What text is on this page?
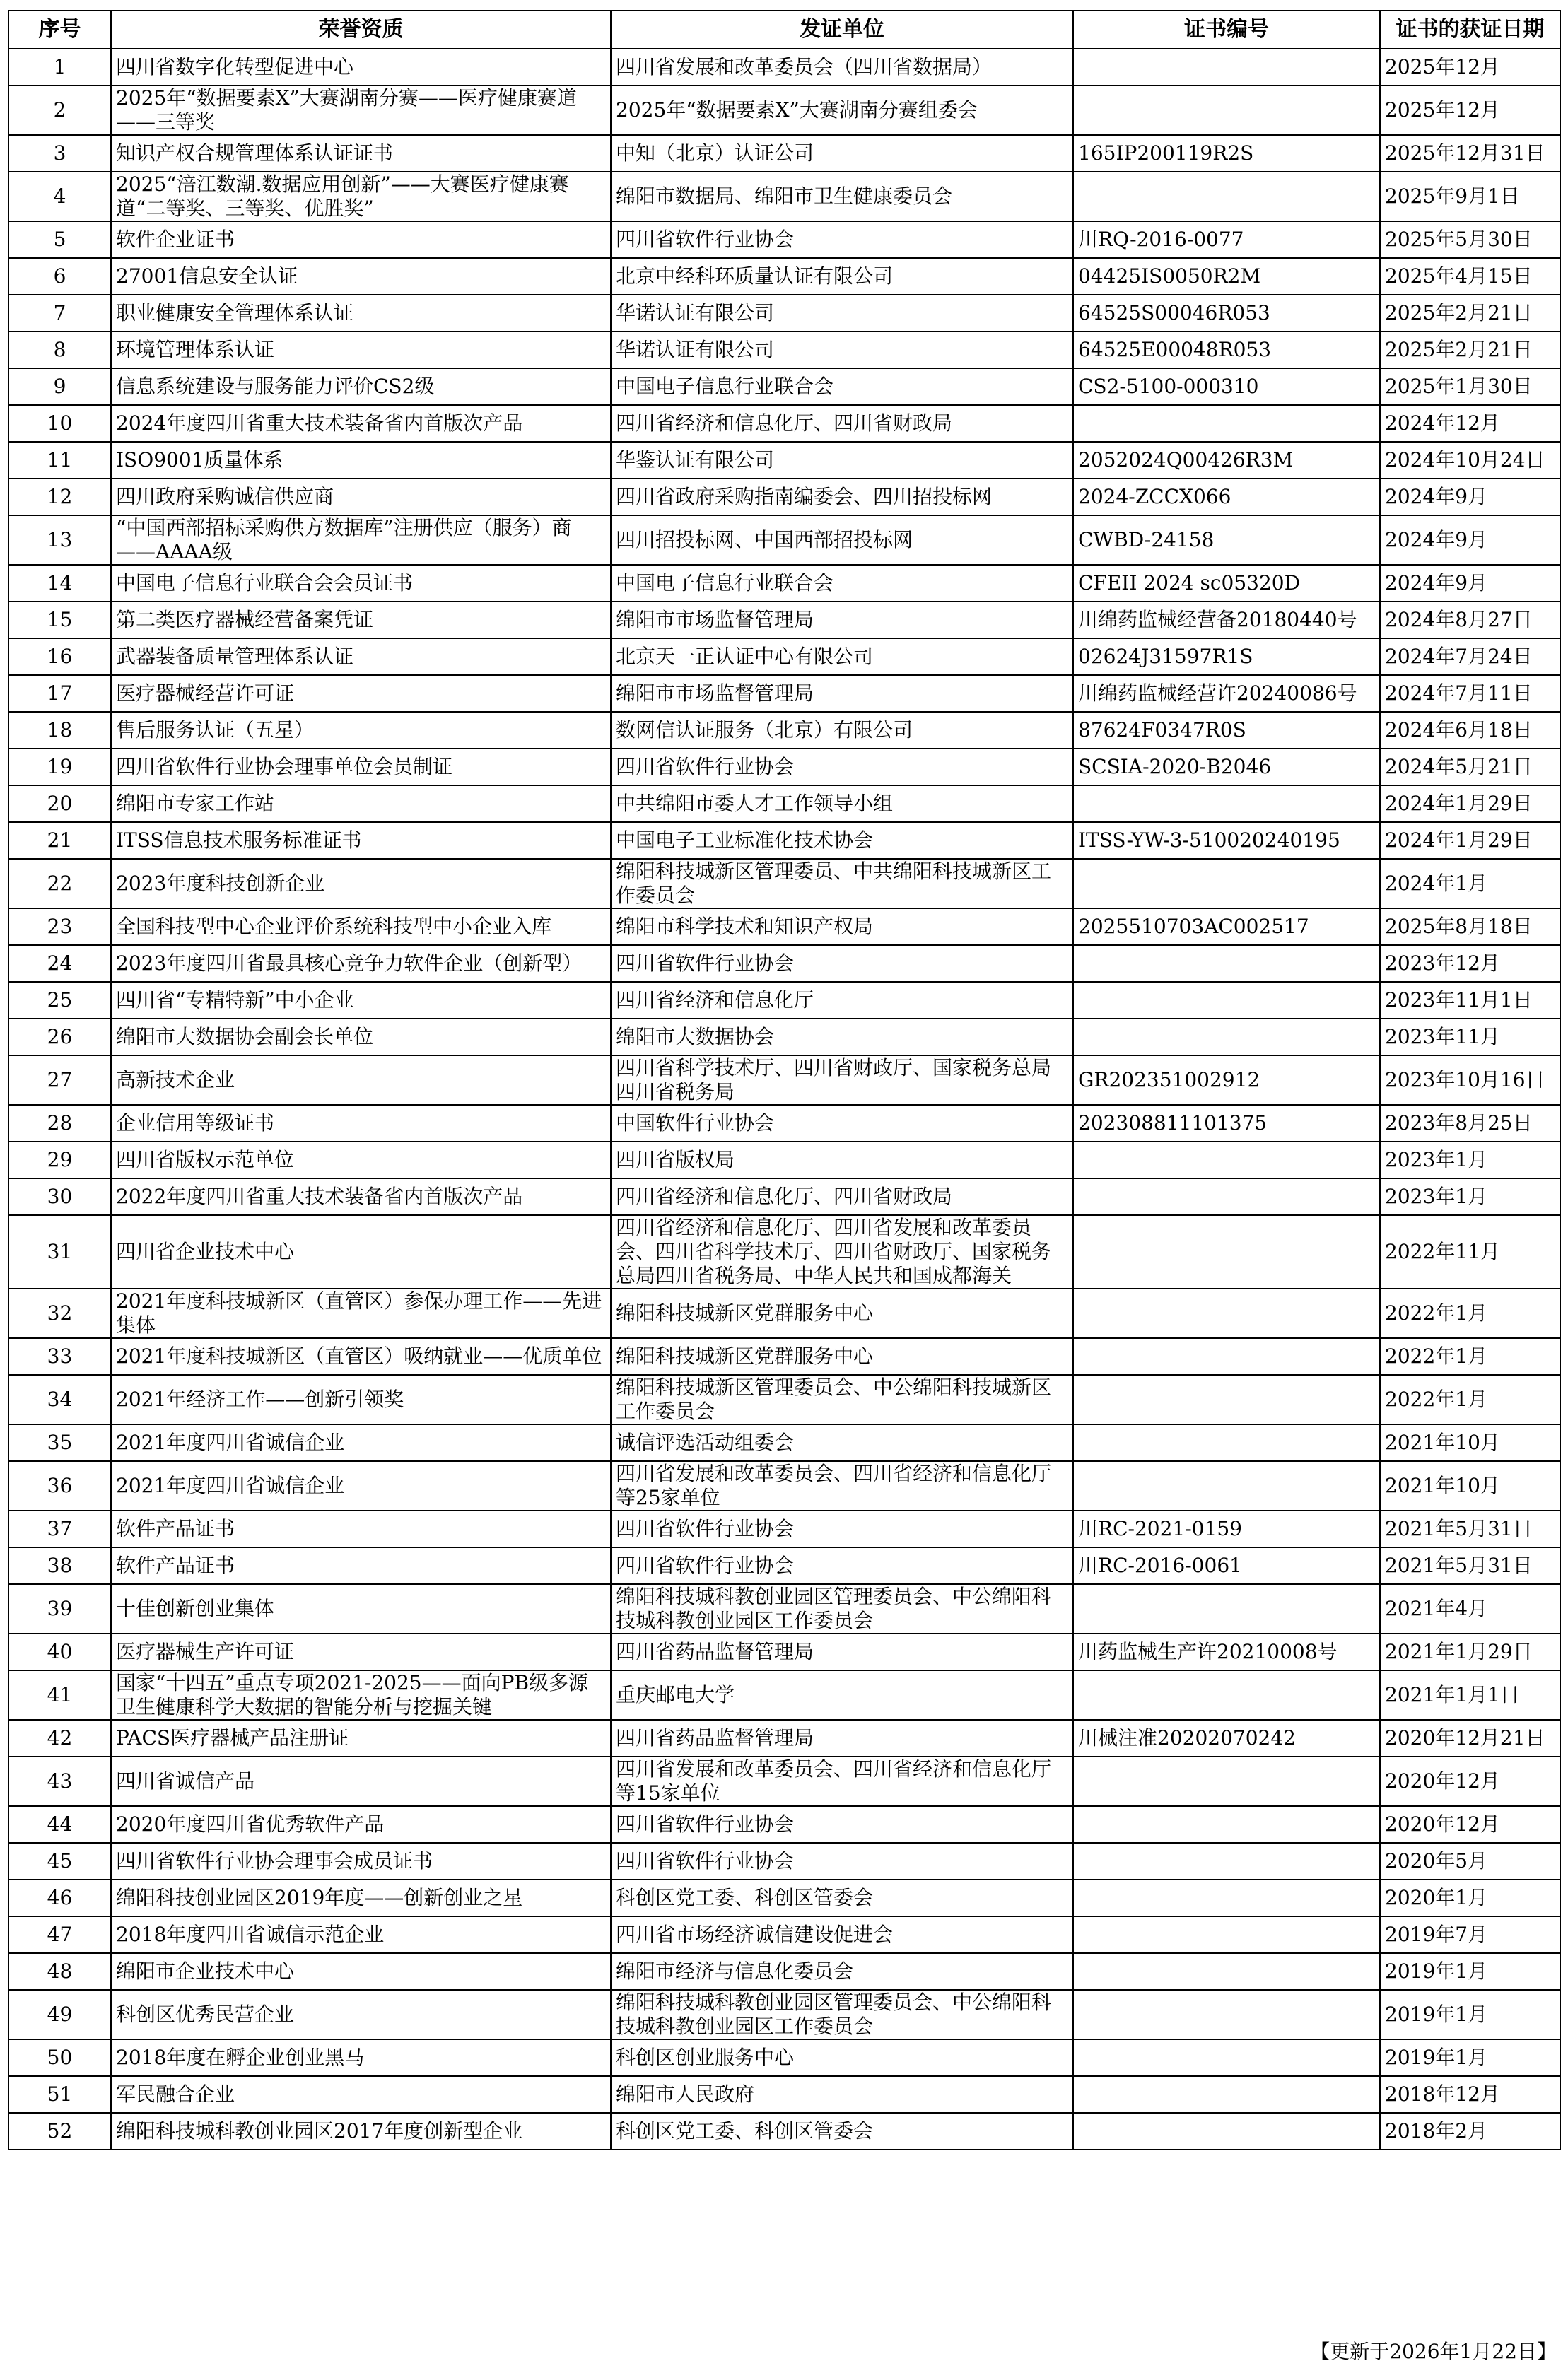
序号	荣誉资质	发证单位	证书编号	证书的获证日期
1	四川省数字化转型促进中心	四川省发展和改革委员会（四川省数据局）		2025年12月
2	2025年“数据要素X”大赛湖南分赛——医疗健康赛道——三等奖	2025年“数据要素X”大赛湖南分赛组委会		2025年12月
3	知识产权合规管理体系认证证书	中知（北京）认证公司	165IP200119R2S	2025年12月31日
4	2025“涪江数潮.数据应用创新”——大赛医疗健康赛道“二等奖、三等奖、优胜奖”	绵阳市数据局、绵阳市卫生健康委员会		2025年9月1日
5	软件企业证书	四川省软件行业协会	川RQ-2016-0077	2025年5月30日
6	27001信息安全认证	北京中经科环质量认证有限公司	04425IS0050R2M	2025年4月15日
7	职业健康安全管理体系认证	华诺认证有限公司	64525S00046R053	2025年2月21日
8	环境管理体系认证	华诺认证有限公司	64525E00048R053	2025年2月21日
9	信息系统建设与服务能力评价CS2级	中国电子信息行业联合会	CS2-5100-000310	2025年1月30日
10	2024年度四川省重大技术装备省内首版次产品	四川省经济和信息化厅、四川省财政局		2024年12月
11	ISO9001质量体系	华鉴认证有限公司	2052024Q00426R3M	2024年10月24日
12	四川政府采购诚信供应商	四川省政府采购指南编委会、四川招投标网	2024-ZCCX066	2024年9月
13	“中国西部招标采购供方数据库”注册供应（服务）商——AAAA级	四川招投标网、中国西部招投标网	CWBD-24158	2024年9月
14	中国电子信息行业联合会会员证书	中国电子信息行业联合会	CFEII 2024 sc05320D	2024年9月
15	第二类医疗器械经营备案凭证	绵阳市市场监督管理局	川绵药监械经营备20180440号	2024年8月27日
16	武器装备质量管理体系认证	北京天一正认证中心有限公司	02624J31597R1S	2024年7月24日
17	医疗器械经营许可证	绵阳市市场监督管理局	川绵药监械经营许20240086号	2024年7月11日
18	售后服务认证（五星）	数网信认证服务（北京）有限公司	87624F0347R0S	2024年6月18日
19	四川省软件行业协会理事单位会员制证	四川省软件行业协会	SCSIA-2020-B2046	2024年5月21日
20	绵阳市专家工作站	中共绵阳市委人才工作领导小组		2024年1月29日
21	ITSS信息技术服务标准证书	中国电子工业标准化技术协会	ITSS-YW-3-510020240195	2024年1月29日
22	2023年度科技创新企业	绵阳科技城新区管理委员、中共绵阳科技城新区工作委员会		2024年1月
23	全国科技型中心企业评价系统科技型中小企业入库	绵阳市科学技术和知识产权局	2025510703AC002517	2025年8月18日
24	2023年度四川省最具核心竞争力软件企业（创新型）	四川省软件行业协会		2023年12月
25	四川省“专精特新”中小企业	四川省经济和信息化厅		2023年11月1日
26	绵阳市大数据协会副会长单位	绵阳市大数据协会		2023年11月
27	高新技术企业	四川省科学技术厅、四川省财政厅、国家税务总局四川省税务局	GR202351002912	2023年10月16日
28	企业信用等级证书	中国软件行业协会	202308811101375	2023年8月25日
29	四川省版权示范单位	四川省版权局		2023年1月
30	2022年度四川省重大技术装备省内首版次产品	四川省经济和信息化厅、四川省财政局		2023年1月
31	四川省企业技术中心	四川省经济和信息化厅、四川省发展和改革委员会、四川省科学技术厅、四川省财政厅、国家税务总局四川省税务局、中华人民共和国成都海关		2022年11月
32	2021年度科技城新区（直管区）参保办理工作——先进集体	绵阳科技城新区党群服务中心		2022年1月
33	2021年度科技城新区（直管区）吸纳就业——优质单位	绵阳科技城新区党群服务中心		2022年1月
34	2021年经济工作——创新引领奖	绵阳科技城新区管理委员会、中公绵阳科技城新区工作委员会		2022年1月
35	2021年度四川省诚信企业	诚信评选活动组委会		2021年10月
36	2021年度四川省诚信企业	四川省发展和改革委员会、四川省经济和信息化厅等25家单位		2021年10月
37	软件产品证书	四川省软件行业协会	川RC-2021-0159	2021年5月31日
38	软件产品证书	四川省软件行业协会	川RC-2016-0061	2021年5月31日
39	十佳创新创业集体	绵阳科技城科教创业园区管理委员会、中公绵阳科技城科教创业园区工作委员会		2021年4月
40	医疗器械生产许可证	四川省药品监督管理局	川药监械生产许20210008号	2021年1月29日
41	国家“十四五”重点专项2021-2025——面向PB级多源卫生健康科学大数据的智能分析与挖掘关键	重庆邮电大学		2021年1月1日
42	PACS医疗器械产品注册证	四川省药品监督管理局	川械注准20202070242	2020年12月21日
43	四川省诚信产品	四川省发展和改革委员会、四川省经济和信息化厅等15家单位		2020年12月
44	2020年度四川省优秀软件产品	四川省软件行业协会		2020年12月
45	四川省软件行业协会理事会成员证书	四川省软件行业协会		2020年5月
46	绵阳科技创业园区2019年度——创新创业之星	科创区党工委、科创区管委会		2020年1月
47	2018年度四川省诚信示范企业	四川省市场经济诚信建设促进会		2019年7月
48	绵阳市企业技术中心	绵阳市经济与信息化委员会		2019年1月
49	科创区优秀民营企业	绵阳科技城科教创业园区管理委员会、中公绵阳科技城科教创业园区工作委员会		2019年1月
50	2018年度在孵企业创业黑马	科创区创业服务中心		2019年1月
51	军民融合企业	绵阳市人民政府		2018年12月
52	绵阳科技城科教创业园区2017年度创新型企业	科创区党工委、科创区管委会		2018年2月
【更新于2026年1月22日】
